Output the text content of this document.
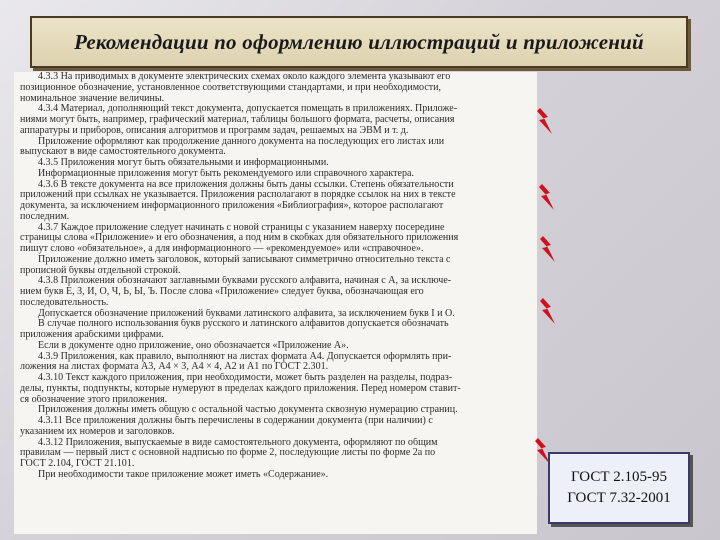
Рекомендации по оформлению иллюстраций и приложений
4.3.3 На приводимых в документе электрических схемах около каждого элемента указывают его
позиционное обозначение, установленное соответствующими стандартами, и при необходимости,
номинальное значение величины.
4.3.4 Материал, дополняющий текст документа, допускается помещать в приложениях. Приложе-
ниями могут быть, например, графический материал, таблицы большого формата, расчеты, описания
аппаратуры и приборов, описания алгоритмов и программ задач, решаемых на ЭВМ и т. д.
Приложение оформляют как продолжение данного документа на последующих его листах или
выпускают в виде самостоятельного документа.
4.3.5 Приложения могут быть обязательными и информационными.
Информационные приложения могут быть рекомендуемого или справочного характера.
4.3.6 В тексте документа на все приложения должны быть даны ссылки. Степень обязательности
приложений при ссылках не указывается. Приложения располагают в порядке ссылок на них в тексте
документа, за исключением информационного приложения «Библиография», которое располагают
последним.
4.3.7 Каждое приложение следует начинать с новой страницы с указанием наверху посередине
страницы слова «Приложение» и его обозначения, а под ним в скобках для обязательного приложения
пишут слово «обязательное», а для информационного — «рекомендуемое» или «справочное».
Приложение должно иметь заголовок, который записывают симметрично относительно текста с
прописной буквы отдельной строкой.
4.3.8 Приложения обозначают заглавными буквами русского алфавита, начиная с А, за исключе-
нием букв Ё, З, Й, О, Ч, Ь, Ы, Ъ. После слова «Приложение» следует буква, обозначающая его
последовательность.
Допускается обозначение приложений буквами латинского алфавита, за исключением букв I и O.
В случае полного использования букв русского и латинского алфавитов допускается обозначать
приложения арабскими цифрами.
Если в документе одно приложение, оно обозначается «Приложение А».
4.3.9 Приложения, как правило, выполняют на листах формата А4. Допускается оформлять при-
ложения на листах формата А3, А4 × 3, А4 × 4, А2 и А1 по ГОСТ 2.301.
4.3.10 Текст каждого приложения, при необходимости, может быть разделен на разделы, подраз-
делы, пункты, подпункты, которые нумеруют в пределах каждого приложения. Перед номером ставит-
ся обозначение этого приложения.
Приложения должны иметь общую с остальной частью документа сквозную нумерацию страниц.
4.3.11 Все приложения должны быть перечислены в содержании документа (при наличии) с
указанием их номеров и заголовков.
4.3.12 Приложения, выпускаемые в виде самостоятельного документа, оформляют по общим
правилам — первый лист с основной надписью по форме 2, последующие листы по форме 2а по
ГОСТ 2.104, ГОСТ 21.101.
При необходимости такое приложение может иметь «Содержание».	ГОСТ 2.105-95
ГОСТ 7.32-2001
